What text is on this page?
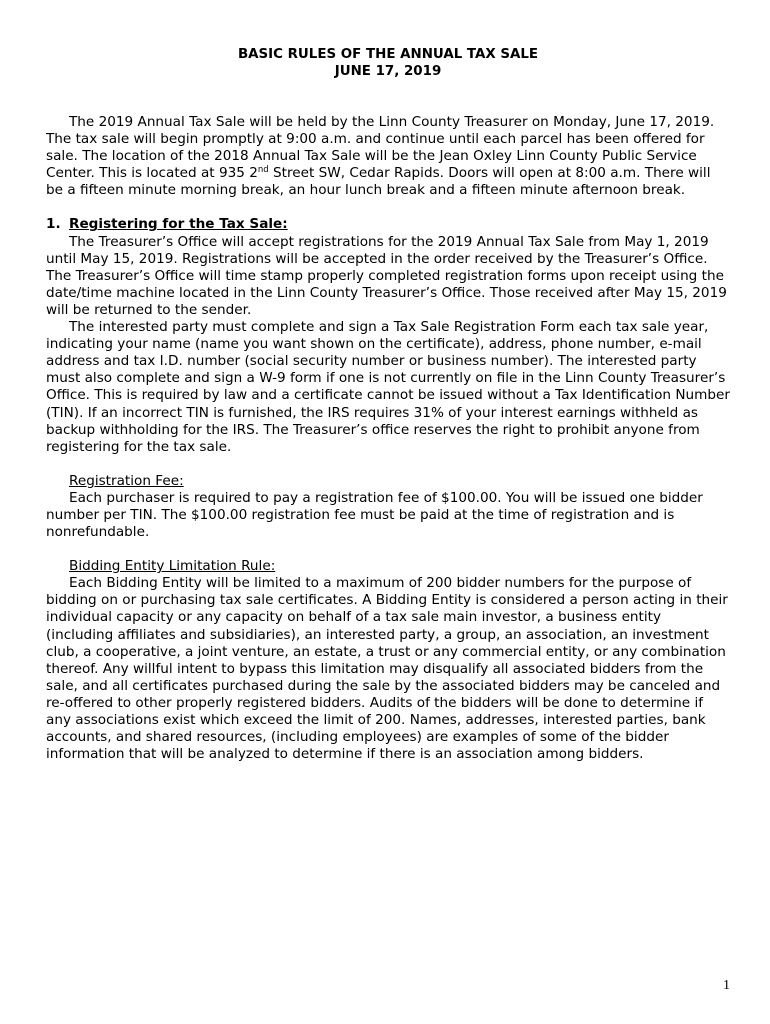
BASIC RULES OF THE ANNUAL TAX SALE

JUNE 17, 2019

The 2019 Annual Tax Sale will be held by the Linn County Treasurer on Monday, June 17, 2019. The tax sale will begin promptly at 9:00 a.m. and continue until each parcel has been offered for sale. The location of the 2018 Annual Tax Sale will be the Jean Oxley Linn County Public Service Center. This is located at 935 2nd Street SW, Cedar Rapids. Doors will open at 8:00 a.m. There will be a fifteen minute morning break, an hour lunch break and a fifteen minute afternoon break.

1. Registering for the Tax Sale:

The Treasurer’s Office will accept registrations for the 2019 Annual Tax Sale from May 1, 2019 until May 15, 2019. Registrations will be accepted in the order received by the Treasurer’s Office. The Treasurer’s Office will time stamp properly completed registration forms upon receipt using the date/time machine located in the Linn County Treasurer’s Office. Those received after May 15, 2019 will be returned to the sender.

The interested party must complete and sign a Tax Sale Registration Form each tax sale year, indicating your name (name you want shown on the certificate), address, phone number, e-mail address and tax I.D. number (social security number or business number). The interested party must also complete and sign a W-9 form if one is not currently on file in the Linn County Treasurer’s Office. This is required by law and a certificate cannot be issued without a Tax Identification Number (TIN). If an incorrect TIN is furnished, the IRS requires 31% of your interest earnings withheld as backup withholding for the IRS. The Treasurer’s office reserves the right to prohibit anyone from registering for the tax sale.

Registration Fee:

Each purchaser is required to pay a registration fee of $100.00. You will be issued one bidder number per TIN. The $100.00 registration fee must be paid at the time of registration and is nonrefundable.

Bidding Entity Limitation Rule:

Each Bidding Entity will be limited to a maximum of 200 bidder numbers for the purpose of bidding on or purchasing tax sale certificates. A Bidding Entity is considered a person acting in their individual capacity or any capacity on behalf of a tax sale main investor, a business entity (including affiliates and subsidiaries), an interested party, a group, an association, an investment club, a cooperative, a joint venture, an estate, a trust or any commercial entity, or any combination thereof. Any willful intent to bypass this limitation may disqualify all associated bidders from the sale, and all certificates purchased during the sale by the associated bidders may be canceled and re-offered to other properly registered bidders. Audits of the bidders will be done to determine if any associations exist which exceed the limit of 200. Names, addresses, interested parties, bank accounts, and shared resources, (including employees) are examples of some of the bidder information that will be analyzed to determine if there is an association among bidders.

1
